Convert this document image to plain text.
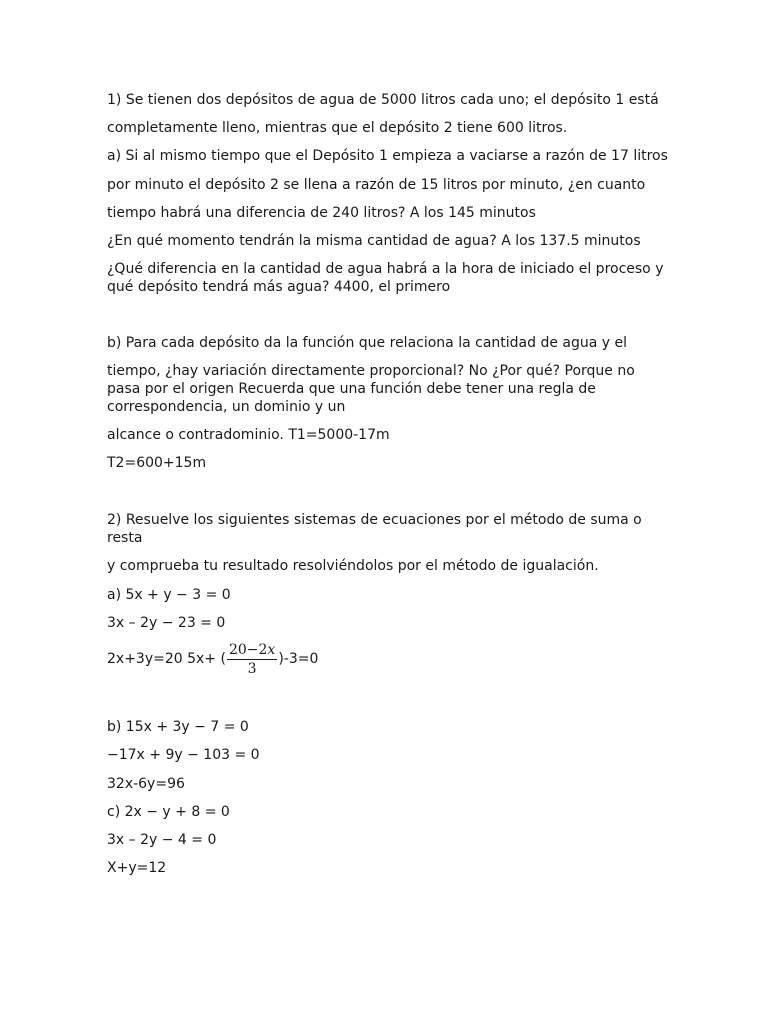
1) Se tienen dos depósitos de agua de 5000 litros cada uno; el depósito 1 está
completamente lleno, mientras que el depósito 2 tiene 600 litros.
a) Si al mismo tiempo que el Depósito 1 empieza a vaciarse a razón de 17 litros
por minuto el depósito 2 se llena a razón de 15 litros por minuto, ¿en cuanto
tiempo habrá una diferencia de 240 litros? A los 145 minutos
¿En qué momento tendrán la misma cantidad de agua? A los 137.5 minutos
¿Qué diferencia en la cantidad de agua habrá a la hora de iniciado el proceso y
qué depósito tendrá más agua? 4400, el primero
b) Para cada depósito da la función que relaciona la cantidad de agua y el
tiempo, ¿hay variación directamente proporcional? No ¿Por qué? Porque no
pasa por el origen Recuerda que una función debe tener una regla de
correspondencia, un dominio y un
alcance o contradominio. T1=5000-17m
T2=600+15m
2) Resuelve los siguientes sistemas de ecuaciones por el método de suma o
resta
y comprueba tu resultado resolviéndolos por el método de igualación.
a) 5x + y − 3 = 0
3x – 2y − 23 = 0
2x+3y=20 5x+ ( $\frac{20-2x}{3} )-3=0$
b) 15x + 3y − 7 = 0
−17x + 9y − 103 = 0
32x-6y=96
c) 2x − y + 8 = 0
3x – 2y − 4 = 0
X+y=12
